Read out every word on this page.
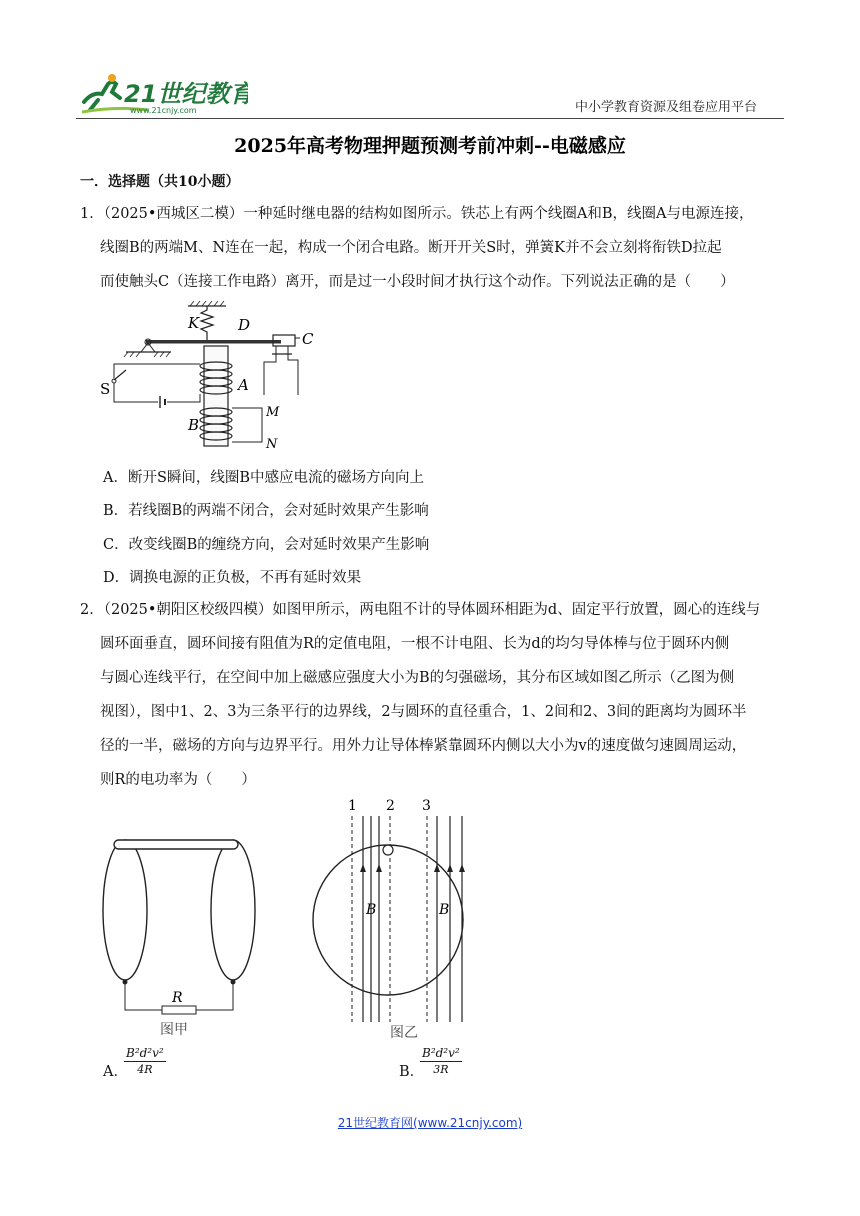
21世纪教育
www.21cnjy.com	中小学教育资源及组卷应用平台
2025年高考物理押题预测考前冲刺--电磁感应
一．选择题（共10小题）
1．（2025•西城区二模）一种延时继电器的结构如图所示。铁芯上有两个线圈A和B，线圈A与电源连接，
线圈B的两端M、N连在一起，构成一个闭合电路。断开开关S时，弹簧K并不会立刻将衔铁D拉起
而使触头C（连接工作电路）离开，而是过一小段时间才执行这个动作。下列说法正确的是（　　）
K	D
C
S	A
B
M
N
A．断开S瞬间，线圈B中感应电流的磁场方向向上
B．若线圈B的两端不闭合，会对延时效果产生影响
C．改变线圈B的缠绕方向，会对延时效果产生影响
D．调换电源的正负极，不再有延时效果
2．（2025•朝阳区校级四模）如图甲所示，两电阻不计的导体圆环相距为d、固定平行放置，圆心的连线与
圆环面垂直，圆环间接有阻值为R的定值电阻，一根不计电阻、长为d的均匀导体棒与位于圆环内侧
与圆心连线平行，在空间中加上磁感应强度大小为B的匀强磁场，其分布区域如图乙所示（乙图为侧
视图），图中1、2、3为三条平行的边界线，2与圆环的直径重合，1、2间和2、3间的距离均为圆环半
径的一半，磁场的方向与边界平行。用外力让导体棒紧靠圆环内侧以大小为v的速度做匀速圆周运动，
则R的电功率为（　　）
R
图甲
1 2 3
B	B
图乙
A．
$\frac{\text{B²d²v²}}{4R}$	B．
$\frac{\text{B²d²v²}}{3R}$
21世纪教育网(www.21cnjy.com)
